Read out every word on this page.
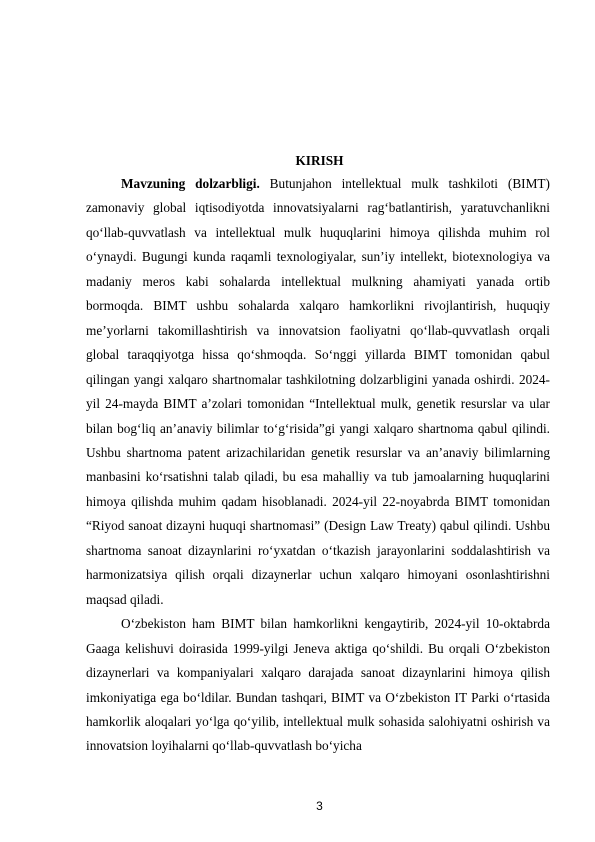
KIRISH

Mavzuning dolzarbligi. Butunjahon intellektual mulk tashkiloti (BIMT) zamonaviy global iqtisodiyotda innovatsiyalarni rag‘batlantirish, yaratuvchanlikni qo‘llab-quvvatlash va intellektual mulk huquqlarini himoya qilishda muhim rol o‘ynaydi. Bugungi kunda raqamli texnologiyalar, sun’iy intellekt, biotexnologiya va madaniy meros kabi sohalarda intellektual mulkning ahamiyati yanada ortib bormoqda. BIMT ushbu sohalarda xalqaro hamkorlikni rivojlantirish, huquqiy me’yorlarni takomillashtirish va innovatsion faoliyatni qo‘llab-quvvatlash orqali global taraqqiyotga hissa qo‘shmoqda. So‘nggi yillarda BIMT tomonidan qabul qilingan yangi xalqaro shartnomalar tashkilotning dolzarbligini yanada oshirdi. 2024-yil 24-mayda BIMT a’zolari tomonidan “Intellektual mulk, genetik resurslar va ular bilan bog‘liq an’anaviy bilimlar to‘g‘risida”gi yangi xalqaro shartnoma qabul qilindi. Ushbu shartnoma patent arizachilaridan genetik resurslar va an’anaviy bilimlarning manbasini ko‘rsatishni talab qiladi, bu esa mahalliy va tub jamoalarning huquqlarini himoya qilishda muhim qadam hisoblanadi. 2024-yil 22-noyabrda BIMT tomonidan “Riyod sanoat dizayni huquqi shartnomasi” (Design Law Treaty) qabul qilindi. Ushbu shartnoma sanoat dizaynlarini ro‘yxatdan o‘tkazish jarayonlarini soddalashtirish va harmonizatsiya qilish orqali dizaynerlar uchun xalqaro himoyani osonlashtirishni maqsad qiladi.

O‘zbekiston ham BIMT bilan hamkorlikni kengaytirib, 2024-yil 10-oktabrda Gaaga kelishuvi doirasida 1999-yilgi Jeneva aktiga qo‘shildi. Bu orqali O‘zbekiston dizaynerlari va kompaniyalari xalqaro darajada sanoat dizaynlarini himoya qilish imkoniyatiga ega bo‘ldilar. Bundan tashqari, BIMT va O‘zbekiston IT Parki o‘rtasida hamkorlik aloqalari yo‘lga qo‘yilib, intellektual mulk sohasida salohiyatni oshirish va innovatsion loyihalarni qo‘llab-quvvatlash bo‘yicha

3
